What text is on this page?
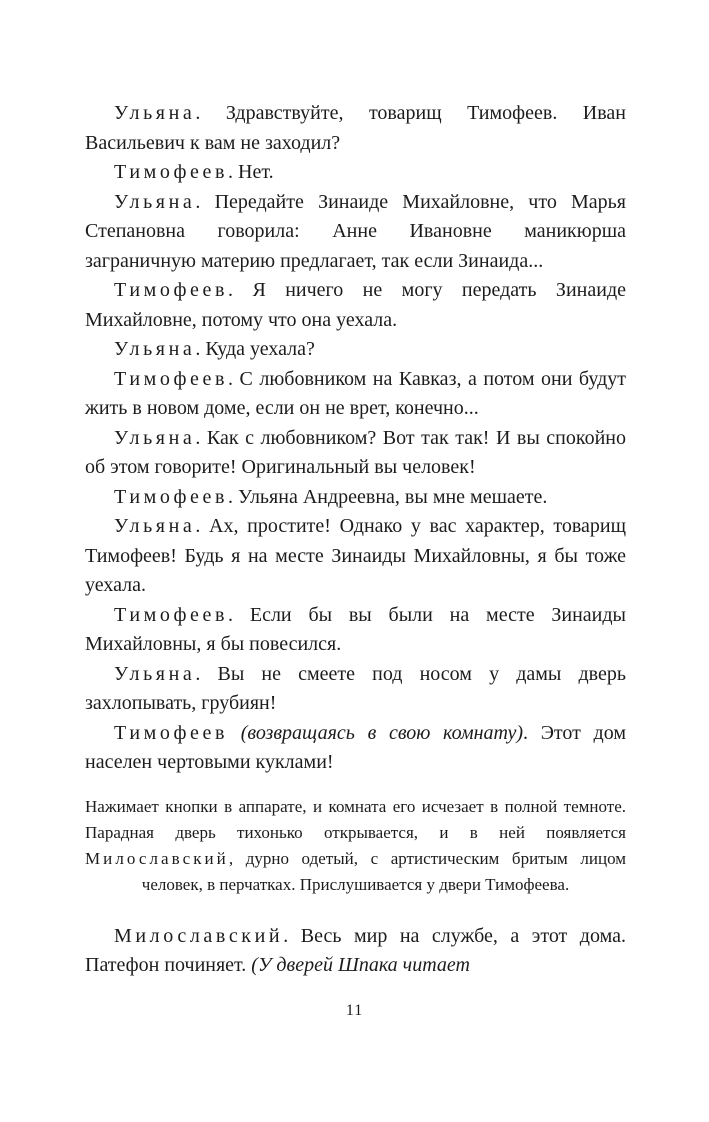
Ульяна. Здравствуйте, товарищ Тимофеев. Иван Васильевич к вам не заходил?

Тимофеев. Нет.

Ульяна. Передайте Зинаиде Михайловне, что Марья Степановна говорила: Анне Ивановне маникюрша заграничную материю предлагает, так если Зинаида...

Тимофеев. Я ничего не могу передать Зинаиде Михайловне, потому что она уехала.

Ульяна. Куда уехала?

Тимофеев. С любовником на Кавказ, а потом они будут жить в новом доме, если он не врет, конечно...

Ульяна. Как с любовником? Вот так так! И вы спокойно об этом говорите! Оригинальный вы человек!

Тимофеев. Ульяна Андреевна, вы мне мешаете.

Ульяна. Ах, простите! Однако у вас характер, товарищ Тимофеев! Будь я на месте Зинаиды Михайловны, я бы тоже уехала.

Тимофеев. Если бы вы были на месте Зинаиды Михайловны, я бы повесился.

Ульяна. Вы не смеете под носом у дамы дверь захлопывать, грубиян!

Тимофеев (возвращаясь в свою комнату). Этот дом населен чертовыми куклами!

Нажимает кнопки в аппарате, и комната его исчезает в полной темноте. Парадная дверь тихонько открывается, и в ней появляется Милославский, дурно одетый, с артистическим бритым лицом человек, в перчатках. Прислушивается у двери Тимофеева.

Милославский. Весь мир на службе, а этот дома. Патефон починяет. (У дверей Шпака читает

11
